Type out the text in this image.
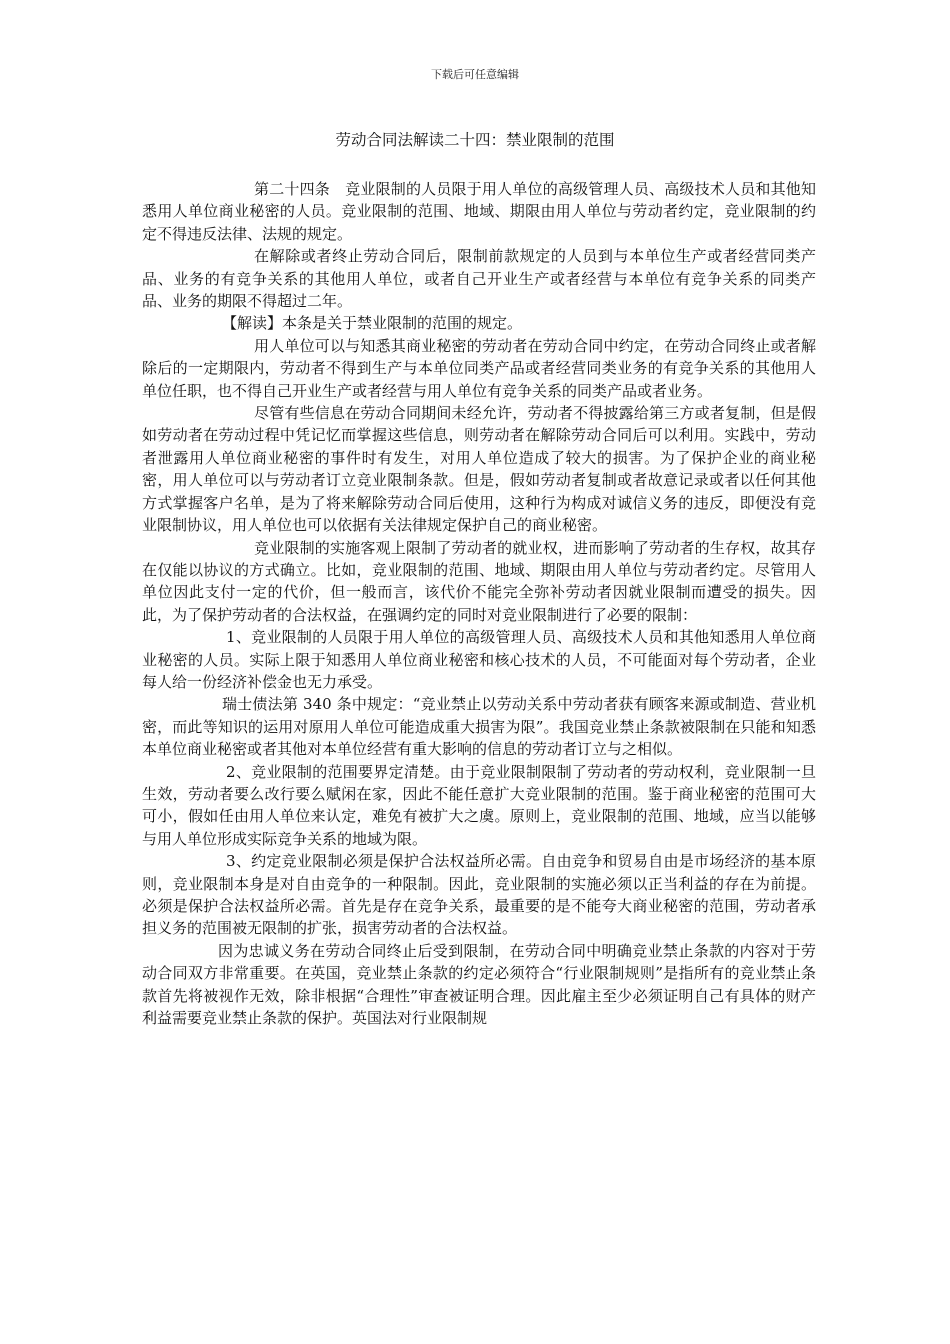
下载后可任意编辑
劳动合同法解读二十四：禁业限制的范围

第二十四条　竞业限制的人员限于用人单位的高级管理人员、高级技术人员和其他知悉用人单位商业秘密的人员。竞业限制的范围、地域、期限由用人单位与劳动者约定，竞业限制的约定不得违反法律、法规的规定。

在解除或者终止劳动合同后，限制前款规定的人员到与本单位生产或者经营同类产品、业务的有竞争关系的其他用人单位，或者自己开业生产或者经营与本单位有竞争关系的同类产品、业务的期限不得超过二年。

【解读】本条是关于禁业限制的范围的规定。

用人单位可以与知悉其商业秘密的劳动者在劳动合同中约定，在劳动合同终止或者解除后的一定期限内，劳动者不得到生产与本单位同类产品或者经营同类业务的有竞争关系的其他用人单位任职，也不得自己开业生产或者经营与用人单位有竞争关系的同类产品或者业务。

尽管有些信息在劳动合同期间未经允许，劳动者不得披露给第三方或者复制，但是假如劳动者在劳动过程中凭记忆而掌握这些信息，则劳动者在解除劳动合同后可以利用。实践中，劳动者泄露用人单位商业秘密的事件时有发生，对用人单位造成了较大的损害。为了保护企业的商业秘密，用人单位可以与劳动者订立竞业限制条款。但是，假如劳动者复制或者故意记录或者以任何其他方式掌握客户名单，是为了将来解除劳动合同后使用，这种行为构成对诚信义务的违反，即便没有竞业限制协议，用人单位也可以依据有关法律规定保护自己的商业秘密。

竞业限制的实施客观上限制了劳动者的就业权，进而影响了劳动者的生存权，故其存在仅能以协议的方式确立。比如，竞业限制的范围、地域、期限由用人单位与劳动者约定。尽管用人单位因此支付一定的代价，但一般而言，该代价不能完全弥补劳动者因就业限制而遭受的损失。因此，为了保护劳动者的合法权益，在强调约定的同时对竞业限制进行了必要的限制：

1、竞业限制的人员限于用人单位的高级管理人员、高级技术人员和其他知悉用人单位商业秘密的人员。实际上限于知悉用人单位商业秘密和核心技术的人员，不可能面对每个劳动者，企业每人给一份经济补偿金也无力承受。

瑞士债法第 340 条中规定：“竞业禁止以劳动关系中劳动者获有顾客来源或制造、营业机密，而此等知识的运用对原用人单位可能造成重大损害为限”。我国竞业禁止条款被限制在只能和知悉本单位商业秘密或者其他对本单位经营有重大影响的信息的劳动者订立与之相似。

2、竞业限制的范围要界定清楚。由于竞业限制限制了劳动者的劳动权利，竞业限制一旦生效，劳动者要么改行要么赋闲在家，因此不能任意扩大竞业限制的范围。鉴于商业秘密的范围可大可小，假如任由用人单位来认定，难免有被扩大之虞。原则上，竞业限制的范围、地域，应当以能够与用人单位形成实际竞争关系的地域为限。

3、约定竞业限制必须是保护合法权益所必需。自由竞争和贸易自由是市场经济的基本原则，竞业限制本身是对自由竞争的一种限制。因此，竞业限制的实施必须以正当利益的存在为前提。必须是保护合法权益所必需。首先是存在竞争关系，最重要的是不能夸大商业秘密的范围，劳动者承担义务的范围被无限制的扩张，损害劳动者的合法权益。

因为忠诚义务在劳动合同终止后受到限制，在劳动合同中明确竞业禁止条款的内容对于劳动合同双方非常重要。在英国，竞业禁止条款的约定必须符合“行业限制规则”是指所有的竞业禁止条款首先将被视作无效，除非根据“合理性”审查被证明合理。因此雇主至少必须证明自己有具体的财产利益需要竞业禁止条款的保护。英国法对行业限制规
